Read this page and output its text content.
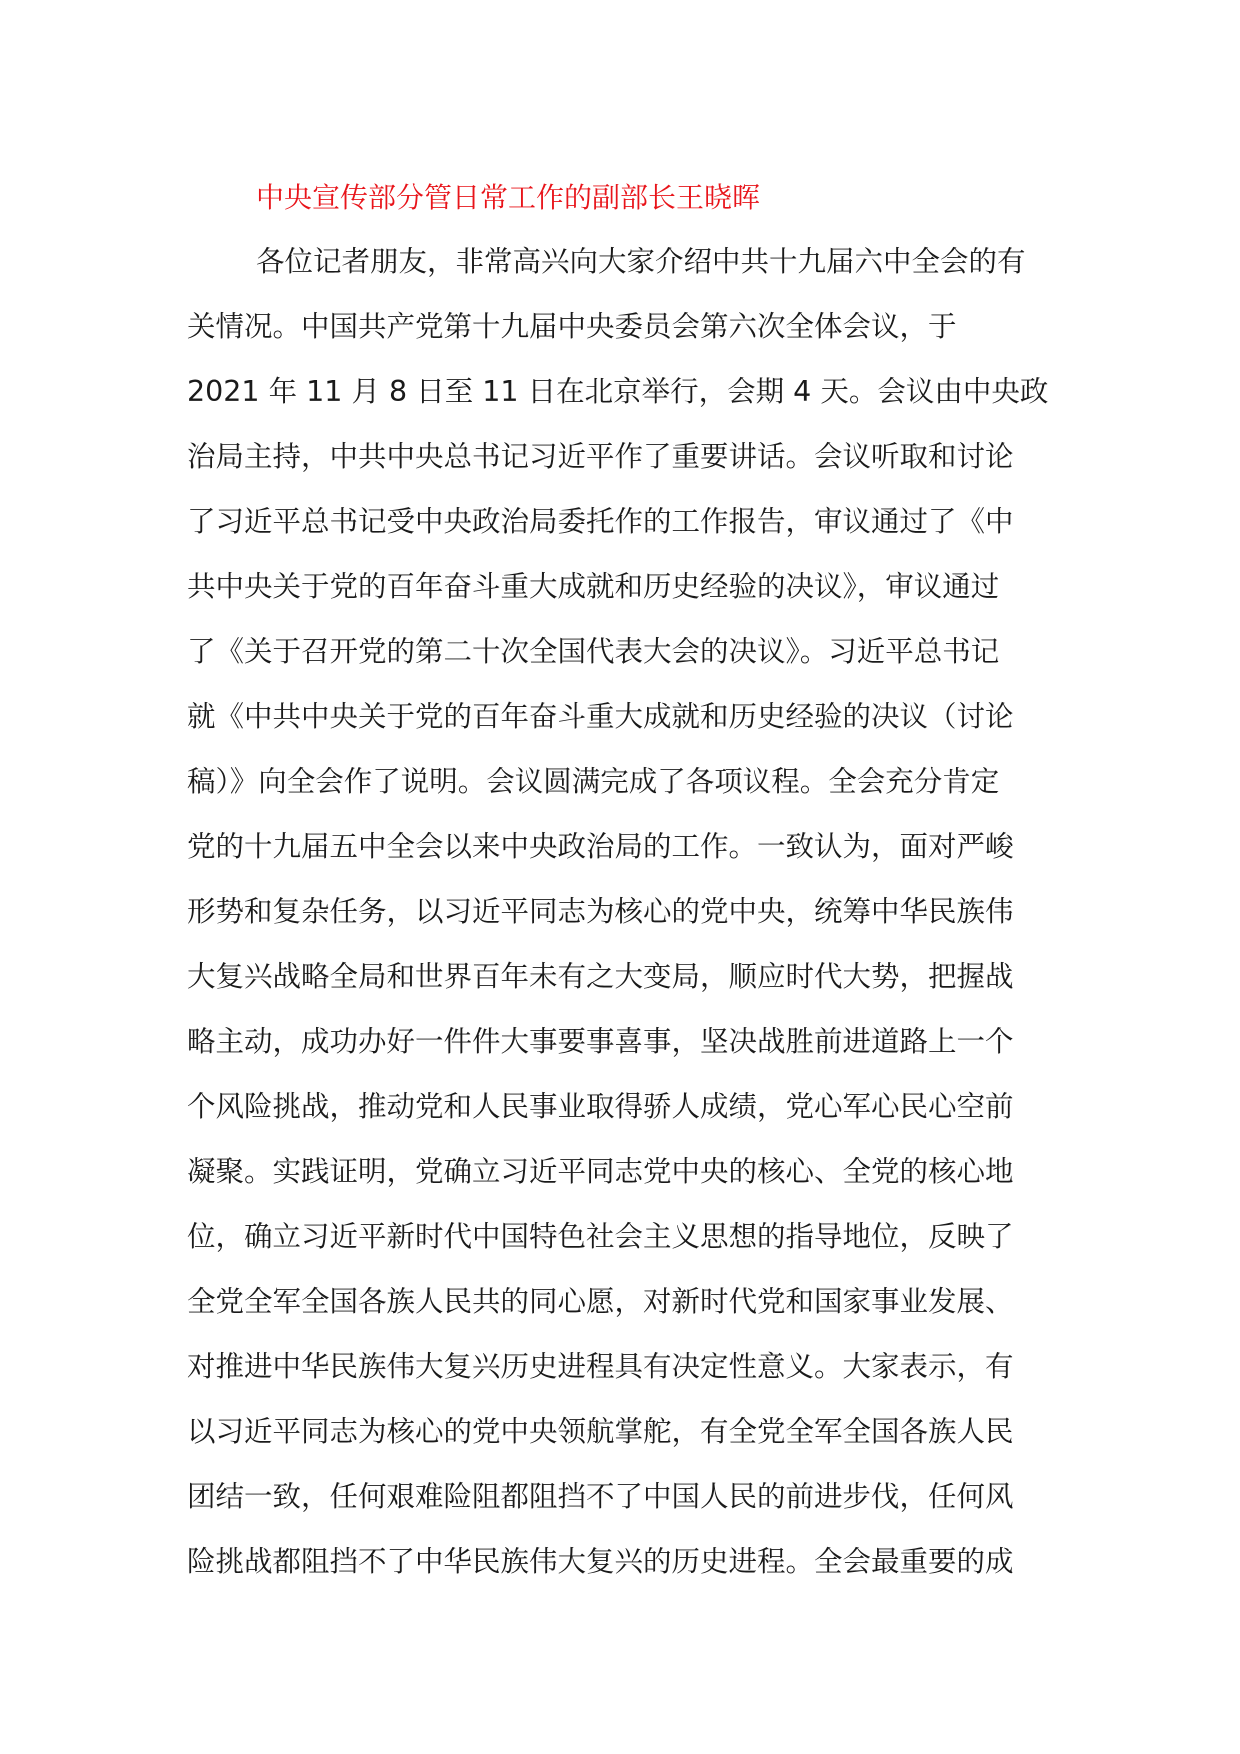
中央宣传部分管日常工作的副部长王晓晖
各位记者朋友，非常高兴向大家介绍中共十九届六中全会的有
关情况。中国共产党第十九届中央委员会第六次全体会议，于
2021 年 11 月 8 日至 11 日在北京举行，会期 4 天。会议由中央政
治局主持，中共中央总书记习近平作了重要讲话。会议听取和讨论
了习近平总书记受中央政治局委托作的工作报告，审议通过了《中
共中央关于党的百年奋斗重大成就和历史经验的决议》，审议通过
了《关于召开党的第二十次全国代表大会的决议》。习近平总书记
就《中共中央关于党的百年奋斗重大成就和历史经验的决议（讨论
稿）》向全会作了说明。会议圆满完成了各项议程。全会充分肯定
党的十九届五中全会以来中央政治局的工作。一致认为，面对严峻
形势和复杂任务，以习近平同志为核心的党中央，统筹中华民族伟
大复兴战略全局和世界百年未有之大变局，顺应时代大势，把握战
略主动，成功办好一件件大事要事喜事，坚决战胜前进道路上一个
个风险挑战，推动党和人民事业取得骄人成绩，党心军心民心空前
凝聚。实践证明，党确立习近平同志党中央的核心、全党的核心地
位，确立习近平新时代中国特色社会主义思想的指导地位，反映了
全党全军全国各族人民共的同心愿，对新时代党和国家事业发展、
对推进中华民族伟大复兴历史进程具有决定性意义。大家表示，有
以习近平同志为核心的党中央领航掌舵，有全党全军全国各族人民
团结一致，任何艰难险阻都阻挡不了中国人民的前进步伐，任何风
险挑战都阻挡不了中华民族伟大复兴的历史进程。全会最重要的成
